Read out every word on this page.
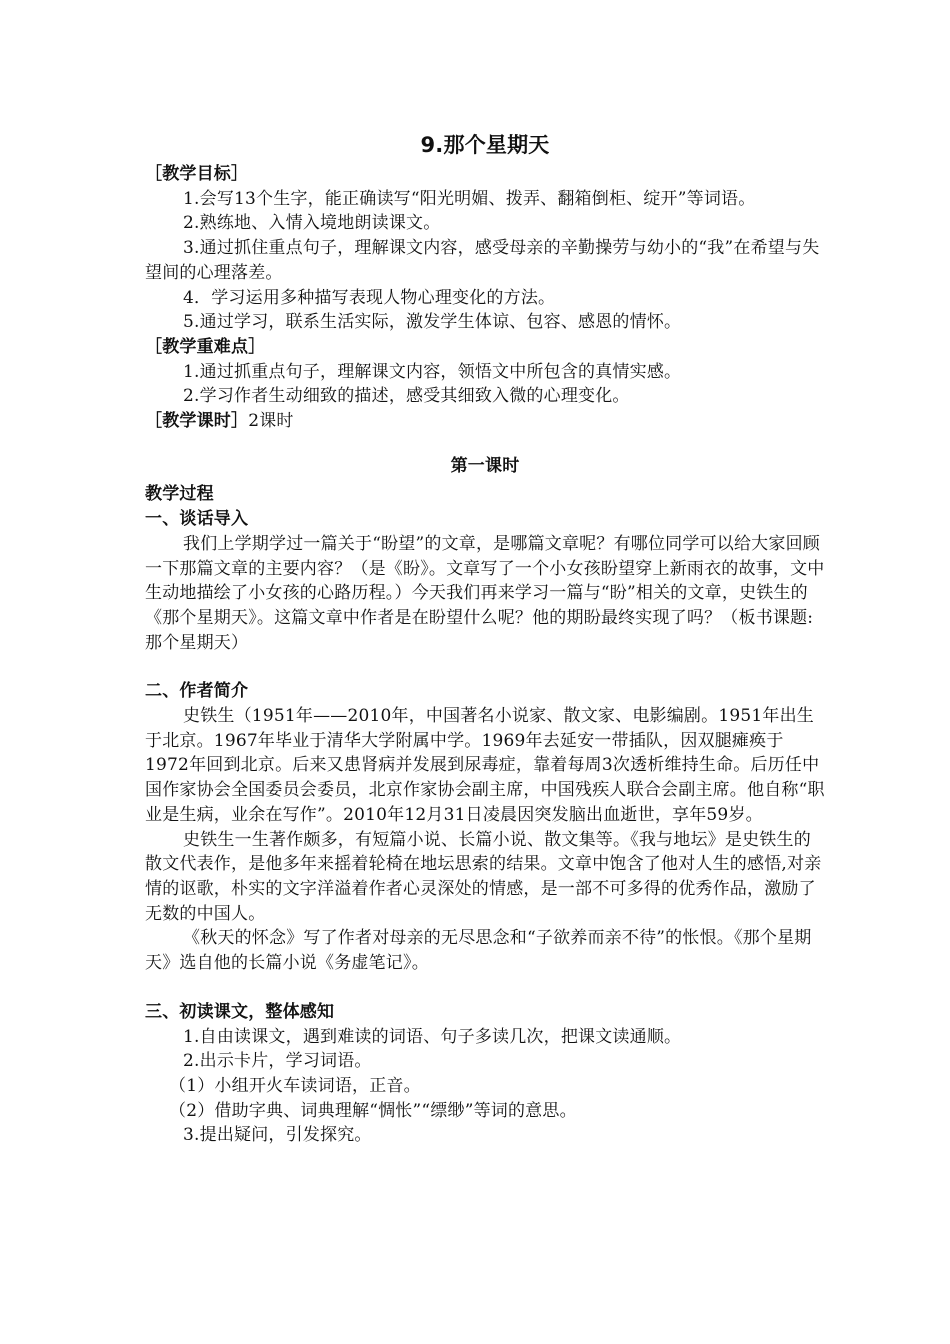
9.那个星期天
［教学目标］

1.会写13个生字，能正确读写“阳光明媚、拨弄、翻箱倒柜、绽开”等词语。

2.熟练地、入情入境地朗读课文。

3.通过抓住重点句子，理解课文内容，感受母亲的辛勤操劳与幼小的“我”在希望与失望间的心理落差。

4．学习运用多种描写表现人物心理变化的方法。

5.通过学习，联系生活实际，激发学生体谅、包容、感恩的情怀。

［教学重难点］

1.通过抓重点句子，理解课文内容，领悟文中所包含的真情实感。

2.学习作者生动细致的描述，感受其细致入微的心理变化。

［教学课时］2课时
第一课时
教学过程
一、谈话导入

我们上学期学过一篇关于“盼望”的文章，是哪篇文章呢？有哪位同学可以给大家回顾一下那篇文章的主要内容？（是《盼》。文章写了一个小女孩盼望穿上新雨衣的故事，文中生动地描绘了小女孩的心路历程。）今天我们再来学习一篇与“盼”相关的文章，史铁生的《那个星期天》。这篇文章中作者是在盼望什么呢？他的期盼最终实现了吗？（板书课题:那个星期天）

二、作者简介

史铁生（1951年——2010年，中国著名小说家、散文家、电影编剧。1951年出生于北京。1967年毕业于清华大学附属中学。1969年去延安一带插队，因双腿瘫痪于1972年回到北京。后来又患肾病并发展到尿毒症，靠着每周3次透析维持生命。后历任中国作家协会全国委员会委员，北京作家协会副主席，中国残疾人联合会副主席。他自称“职业是生病，业余在写作”。2010年12月31日凌晨因突发脑出血逝世，享年59岁。

史铁生一生著作颇多，有短篇小说、长篇小说、散文集等。《我与地坛》是史铁生的散文代表作，是他多年来摇着轮椅在地坛思索的结果。文章中饱含了他对人生的感悟,对亲情的讴歌，朴实的文字洋溢着作者心灵深处的情感，是一部不可多得的优秀作品，激励了无数的中国人。

《秋天的怀念》写了作者对母亲的无尽思念和“子欲养而亲不待”的怅恨。《那个星期天》选自他的长篇小说《务虚笔记》。

三、初读课文，整体感知

1.自由读课文，遇到难读的词语、句子多读几次，把课文读通顺。

2.出示卡片，学习词语。

（1）小组开火车读词语，正音。

（2）借助字典、词典理解“惆怅”“缥缈”等词的意思。

3.提出疑问，引发探究。
